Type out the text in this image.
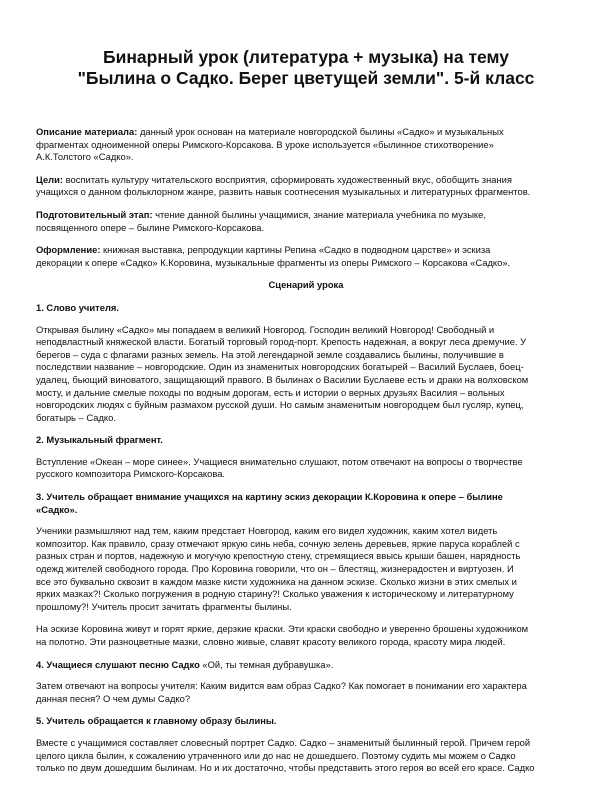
Бинарный урок (литература + музыка) на тему
"Былина о Садко. Берег цветущей земли". 5-й класс
Описание материала: данный урок основан на материале новгородской былины «Садко» и музыкальных
фрагментах одноименной оперы Римского-Корсакова. В уроке используется «былинное стихотворение»
А.К.Толстого «Садко».
Цели: воспитать культуру читательского восприятия, сформировать художественный вкус, обобщить знания
учащихся о данном фольклорном жанре, развить навык соотнесения музыкальных и литературных фрагментов.
Подготовительный этап: чтение данной былины учащимися, знание материала учебника по музыке,
посвященного опере – былине Римского-Корсакова.
Оформление: книжная выставка, репродукции картины Репина «Садко в подводном царстве» и эскиза
декорации к опере «Садко» К.Коровина, музыкальные фрагменты из оперы Римского – Корсакова «Садко».
Сценарий урока
1. Слово учителя.
Открывая былину «Садко» мы попадаем в великий Новгород. Господин великий Новгород! Свободный и
неподвластный княжеской власти. Богатый торговый город-порт. Крепость надежная, а вокруг леса дремучие. У
берегов – суда с флагами разных земель. На этой легендарной земле создавались былины, получившие в
последствии название – новгородские. Один из знаменитых новгородских богатырей – Василий Буслаев, боец-
удалец, бьющий виноватого, защищающий правого. В былинах о Василии Буслаеве есть и драки на волховском
мосту, и дальние смелые походы по водным дорогам, есть и истории о верных друзьях Василия – вольных
новгородских людях с буйным размахом русской души. Но самым знаменитым новгородцем был гусляр, купец,
богатырь – Садко.
2. Музыкальный фрагмент.
Вступление «Океан – море синее». Учащиеся внимательно слушают, потом отвечают на вопросы о творчестве
русского композитора Римского-Корсакова.
3. Учитель обращает внимание учащихся на картину эскиз декорации К.Коровина к опере – былине
«Садко».
Ученики размышляют над тем, каким предстает Новгород, каким его видел художник, каким хотел видеть
композитор. Как правило, сразу отмечают яркую синь неба, сочную зелень деревьев, яркие паруса кораблей с
разных стран и портов, надежную и могучую крепостную стену, стремящиеся ввысь крыши башен, нарядность
одежд жителей свободного города. Про Коровина говорили, что он – блестящ, жизнерадостен и виртуозен. И
все это буквально сквозит в каждом мазке кисти художника на данном эскизе. Сколько жизни в этих смелых и
ярких мазках?! Сколько погружения в родную старину?! Сколько уважения к историческому и литературному
прошлому?! Учитель просит зачитать фрагменты былины.
На эскизе Коровина живут и горят яркие, дерзкие краски. Эти краски свободно и уверенно брошены художником
на полотно. Эти разноцветные мазки, словно живые, славят красоту великого города, красоту мира людей.
4. Учащиеся слушают песню Садко «Ой, ты темная дубравушка».
Затем отвечают на вопросы учителя: Каким видится вам образ Садко? Как помогает в понимании его характера
данная песня? О чем думы Садко?
5. Учитель обращается к главному образу былины.
Вместе с учащимися составляет словесный портрет Садко. Садко – знаменитый былинный герой. Причем герой
целого цикла былин, к сожалению утраченного или до нас не дошедшего. Поэтому судить мы можем о Садко
только по двум дошедшим былинам. Но и их достаточно, чтобы представить этого героя во всей его красе. Садко
